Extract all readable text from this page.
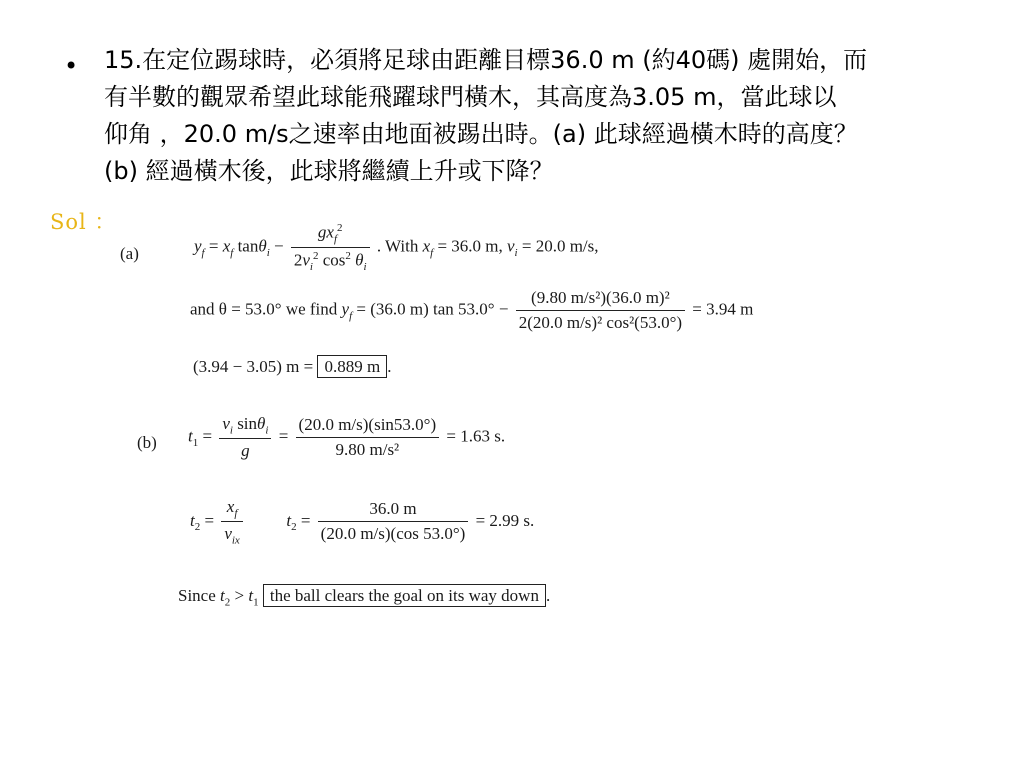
• 15.在定位踢球時，必須將足球由距離目標36.0 m (約40碼) 處開始，而
有半數的觀眾希望此球能飛躍球門橫木，其高度為3.05 m，當此球以
仰角 ，20.0 m/s之速率由地面被踢出時。(a) 此球經過橫木時的高度？
(b) 經過橫木後，此球將繼續上升或下降？
Sol ：
(a)	$y_f = x_f$ $\tan\theta_i - \frac{gx_f^2}{2v_i^2 \cos^2 \theta_i}$ . With $x_f = 36.0$ m, $v_i = 20.0$ m/s,
and θ = 53.0° we find $y_f = (36.0$ m) $\tan 53.0^\circ - \frac{\text{(9.80 m/s²)(36.0 m)²}}{\text{2(20.0 m/s)² cos²(53.0°)}} = 3.94$ m
(3.94 − 3.05) m = 0.889 m .
(b) $t_1 = \frac{v_i \sin\theta_i}{g} = \frac{(20.0 m/s)(\sin 53.0^\circ)}{\text{9.80 m/s²}} = 1.63$ s.
$t_2 = \frac{x_f}{v_{ix}}$	$t_2 = \frac{36.0 m}{(20.0 m/s)(\cos 53.0^\circ)} = 2.99$ s.
Since $t_2 > t_1$ the ball clears the goal on its way down .
